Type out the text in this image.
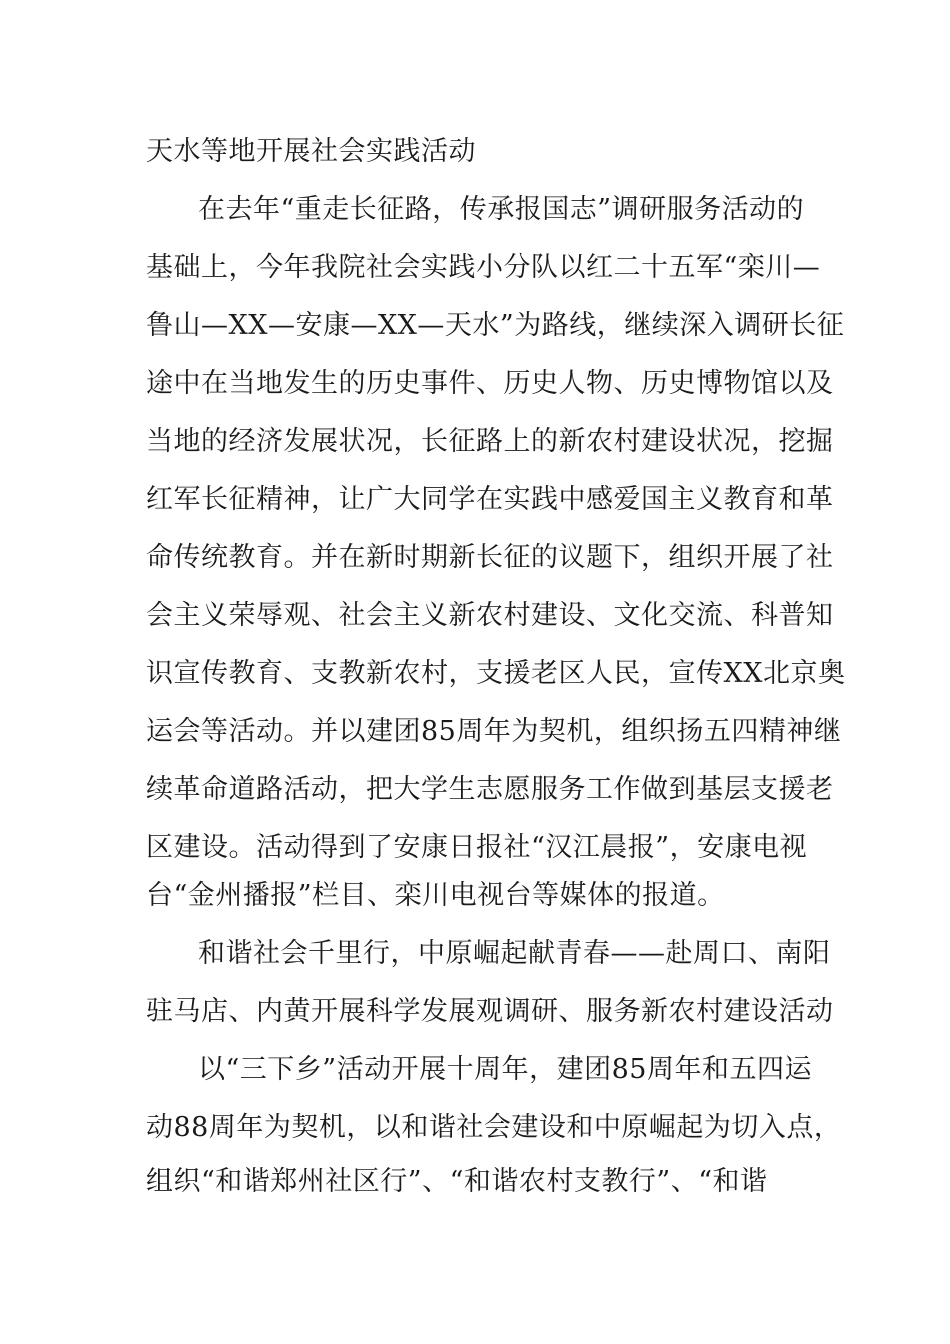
天水等地开展社会实践活动
在去年“重走长征路，传承报国志”调研服务活动的
基础上，今年我院社会实践小分队以红二十五军“栾川—
鲁山—XX—安康—XX—天水”为路线，继续深入调研长征
途中在当地发生的历史事件、历史人物、历史博物馆以及
当地的经济发展状况，长征路上的新农村建设状况，挖掘
红军长征精神，让广大同学在实践中感爱国主义教育和革
命传统教育。并在新时期新长征的议题下，组织开展了社
会主义荣辱观、社会主义新农村建设、文化交流、科普知
识宣传教育、支教新农村，支援老区人民，宣传XX北京奥
运会等活动。并以建团85周年为契机，组织扬五四精神继
续革命道路活动，把大学生志愿服务工作做到基层支援老
区建设。活动得到了安康日报社“汉江晨报”，安康电视
台“金州播报”栏目、栾川电视台等媒体的报道。
和谐社会千里行，中原崛起献青春——赴周口、南阳
驻马店、内黄开展科学发展观调研、服务新农村建设活动
以“三下乡”活动开展十周年，建团85周年和五四运
动88周年为契机，以和谐社会建设和中原崛起为切入点，
组织“和谐郑州社区行”、“和谐农村支教行”、“和谐
